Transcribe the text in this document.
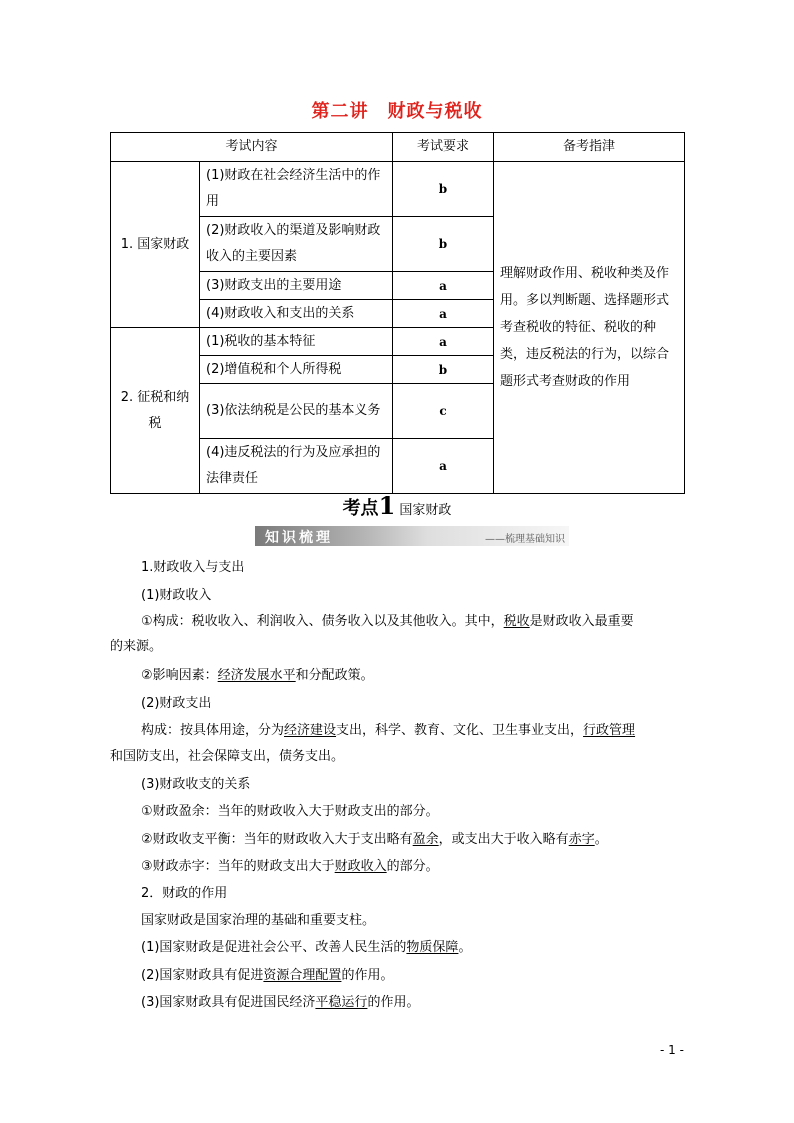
第二讲　财政与税收
考试内容		考试要求	备考指津
1. 国家财政	(1)财政在社会经济生活中的作用	b	理解财政作用、税收种类及作用。多以判断题、选择题形式考查税收的特征、税收的种类，违反税法的行为，以综合题形式考查财政的作用
	(2)财政收入的渠道及影响财政收入的主要因素	b	
	(3)财政支出的主要用途	a	
	(4)财政收入和支出的关系	a	
2. 征税和纳税	(1)税收的基本特征	a	
	(2)增值税和个人所得税	b	
	(3)依法纳税是公民的基本义务	c	
	(4)违反税法的行为及应承担的法律责任	a	
考点1 国家财政
知识梳理	——梳理基础知识
1.财政收入与支出
(1)财政收入
①构成：税收收入、利润收入、债务收入以及其他收入。其中，税收是财政收入最重要
的来源。
②影响因素：经济发展水平和分配政策。
(2)财政支出
构成：按具体用途，分为经济建设支出，科学、教育、文化、卫生事业支出，行政管理
和国防支出，社会保障支出，债务支出。
(3)财政收支的关系
①财政盈余：当年的财政收入大于财政支出的部分。
②财政收支平衡：当年的财政收入大于支出略有盈余，或支出大于收入略有赤字。
③财政赤字：当年的财政支出大于财政收入的部分。
2．财政的作用
国家财政是国家治理的基础和重要支柱。
(1)国家财政是促进社会公平、改善人民生活的物质保障。
(2)国家财政具有促进资源合理配置的作用。
(3)国家财政具有促进国民经济平稳运行的作用。
- 1 -
